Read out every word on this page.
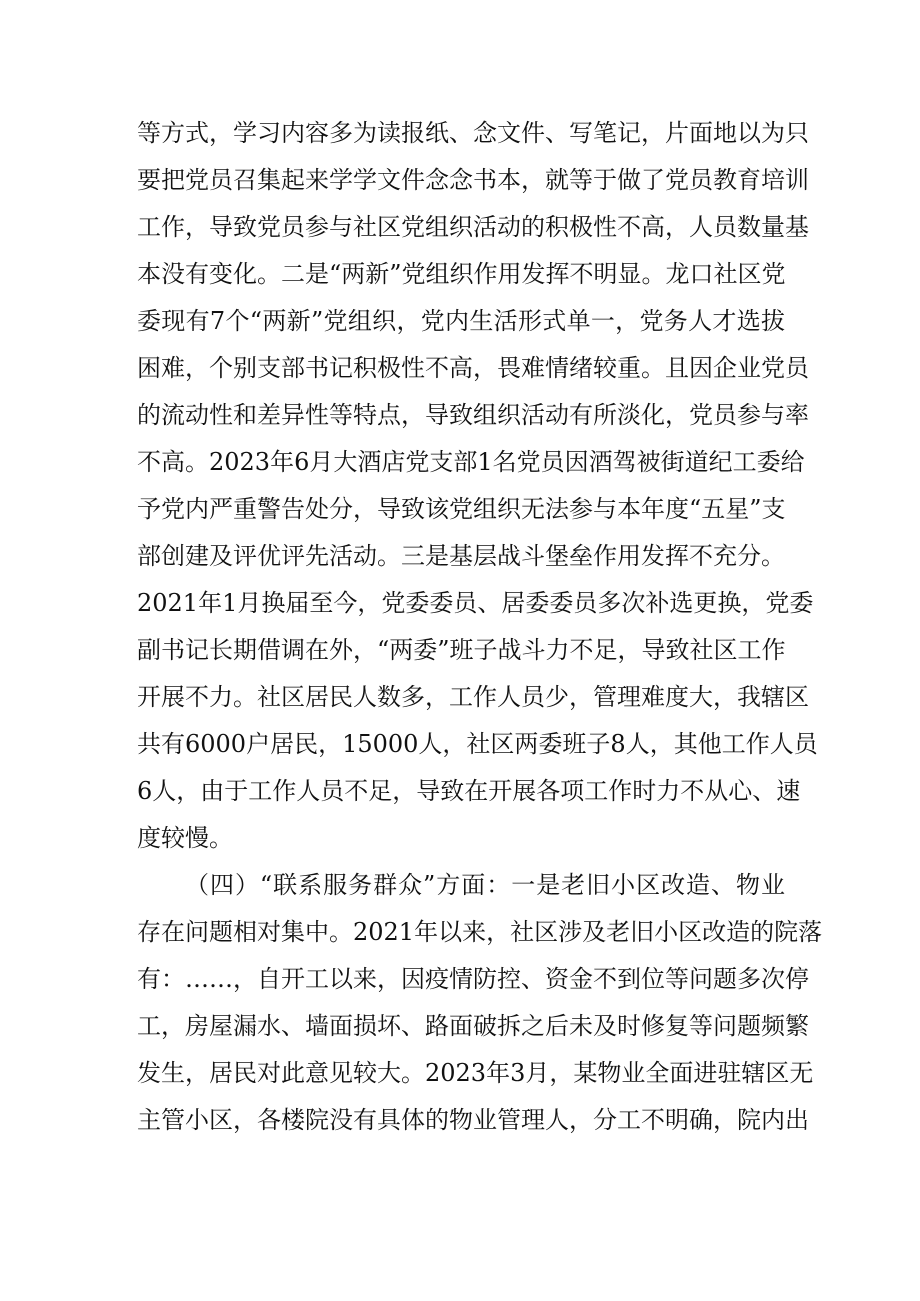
等方式，学习内容多为读报纸、念文件、写笔记，片面地以为只
要把党员召集起来学学文件念念书本，就等于做了党员教育培训
工作，导致党员参与社区党组织活动的积极性不高，人员数量基
本没有变化。二是“两新”党组织作用发挥不明显。龙口社区党
委现有7个“两新”党组织，党内生活形式单一，党务人才选拔
困难，个别支部书记积极性不高，畏难情绪较重。且因企业党员
的流动性和差异性等特点，导致组织活动有所淡化，党员参与率
不高。2023年6月大酒店党支部1名党员因酒驾被街道纪工委给
予党内严重警告处分，导致该党组织无法参与本年度“五星”支
部创建及评优评先活动。三是基层战斗堡垒作用发挥不充分。
2021年1月换届至今，党委委员、居委委员多次补选更换，党委
副书记长期借调在外，“两委”班子战斗力不足，导致社区工作
开展不力。社区居民人数多，工作人员少，管理难度大，我辖区
共有6000户居民，15000人，社区两委班子8人，其他工作人员
6人，由于工作人员不足，导致在开展各项工作时力不从心、速
度较慢。

（四）“联系服务群众”方面：一是老旧小区改造、物业
存在问题相对集中。2021年以来，社区涉及老旧小区改造的院落
有：……，自开工以来，因疫情防控、资金不到位等问题多次停
工，房屋漏水、墙面损坏、路面破拆之后未及时修复等问题频繁
发生，居民对此意见较大。2023年3月，某物业全面进驻辖区无
主管小区，各楼院没有具体的物业管理人，分工不明确，院内出
